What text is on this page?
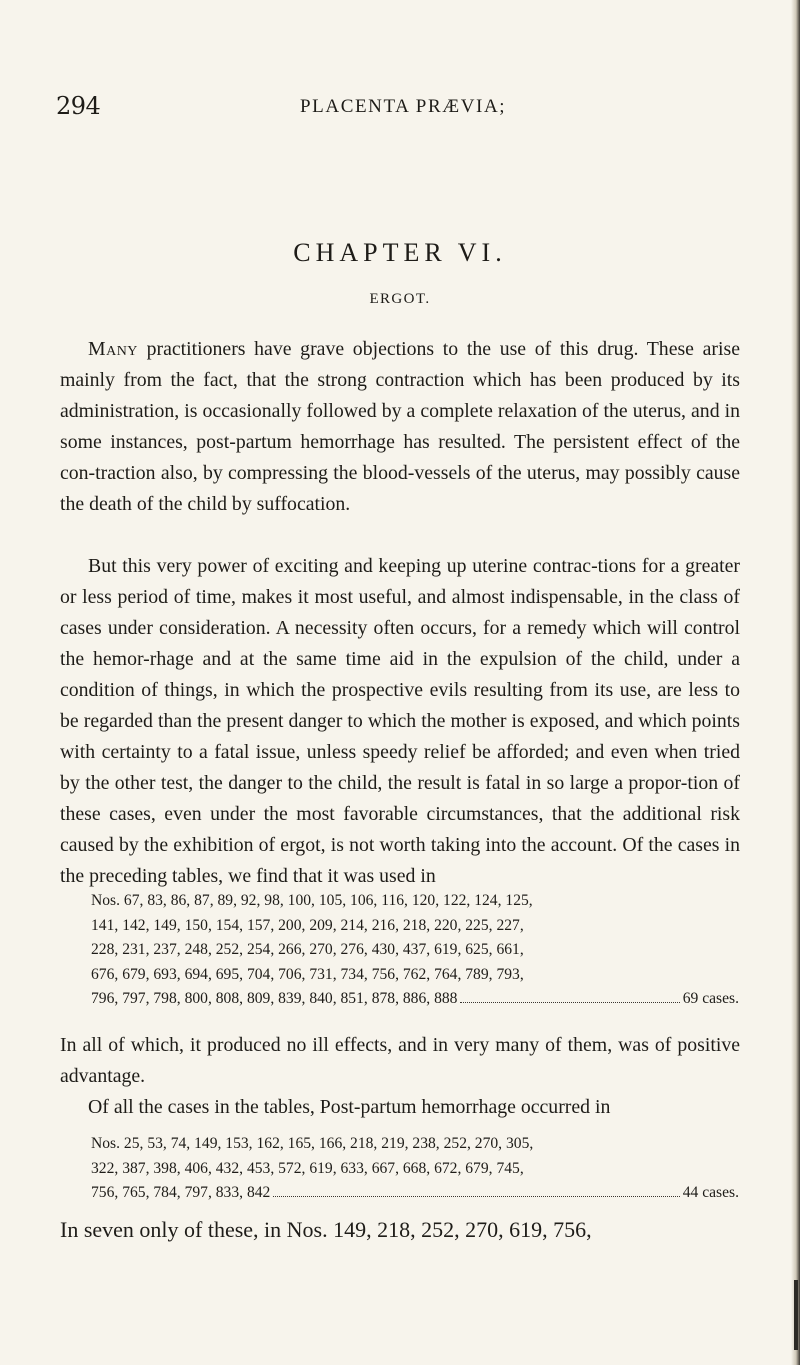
294	PLACENTA PRÆVIA;
CHAPTER VI.
ERGOT.

Many practitioners have grave objections to the use of this drug. These arise mainly from the fact, that the strong contraction which has been produced by its administration, is occasionally followed by a complete relaxation of the uterus, and in some instances, post-partum hemorrhage has resulted. The persistent effect of the con-traction also, by compressing the blood-vessels of the uterus, may possibly cause the death of the child by suffocation.

But this very power of exciting and keeping up uterine contrac-tions for a greater or less period of time, makes it most useful, and almost indispensable, in the class of cases under consideration. A necessity often occurs, for a remedy which will control the hemor-rhage and at the same time aid in the expulsion of the child, under a condition of things, in which the prospective evils resulting from its use, are less to be regarded than the present danger to which the mother is exposed, and which points with certainty to a fatal issue, unless speedy relief be afforded; and even when tried by the other test, the danger to the child, the result is fatal in so large a propor-tion of these cases, even under the most favorable circumstances, that the additional risk caused by the exhibition of ergot, is not worth taking into the account. Of the cases in the preceding tables, we find that it was used in

Nos. 67, 83, 86, 87, 89, 92, 98, 100, 105, 106, 116, 120, 122, 124, 125,
141, 142, 149, 150, 154, 157, 200, 209, 214, 216, 218, 220, 225, 227,
228, 231, 237, 248, 252, 254, 266, 270, 276, 430, 437, 619, 625, 661,
676, 679, 693, 694, 695, 704, 706, 731, 734, 756, 762, 764, 789, 793,
796, 797, 798, 800, 808, 809, 839, 840, 851, 878, 886, 888	69 cases.

In all of which, it produced no ill effects, and in very many of them, was of positive advantage.

Of all the cases in the tables, Post-partum hemorrhage occurred in

Nos. 25, 53, 74, 149, 153, 162, 165, 166, 218, 219, 238, 252, 270, 305,
322, 387, 398, 406, 432, 453, 572, 619, 633, 667, 668, 672, 679, 745,
756, 765, 784, 797, 833, 842	44 cases.

In seven only of these, in Nos. 149, 218, 252, 270, 619, 756,
